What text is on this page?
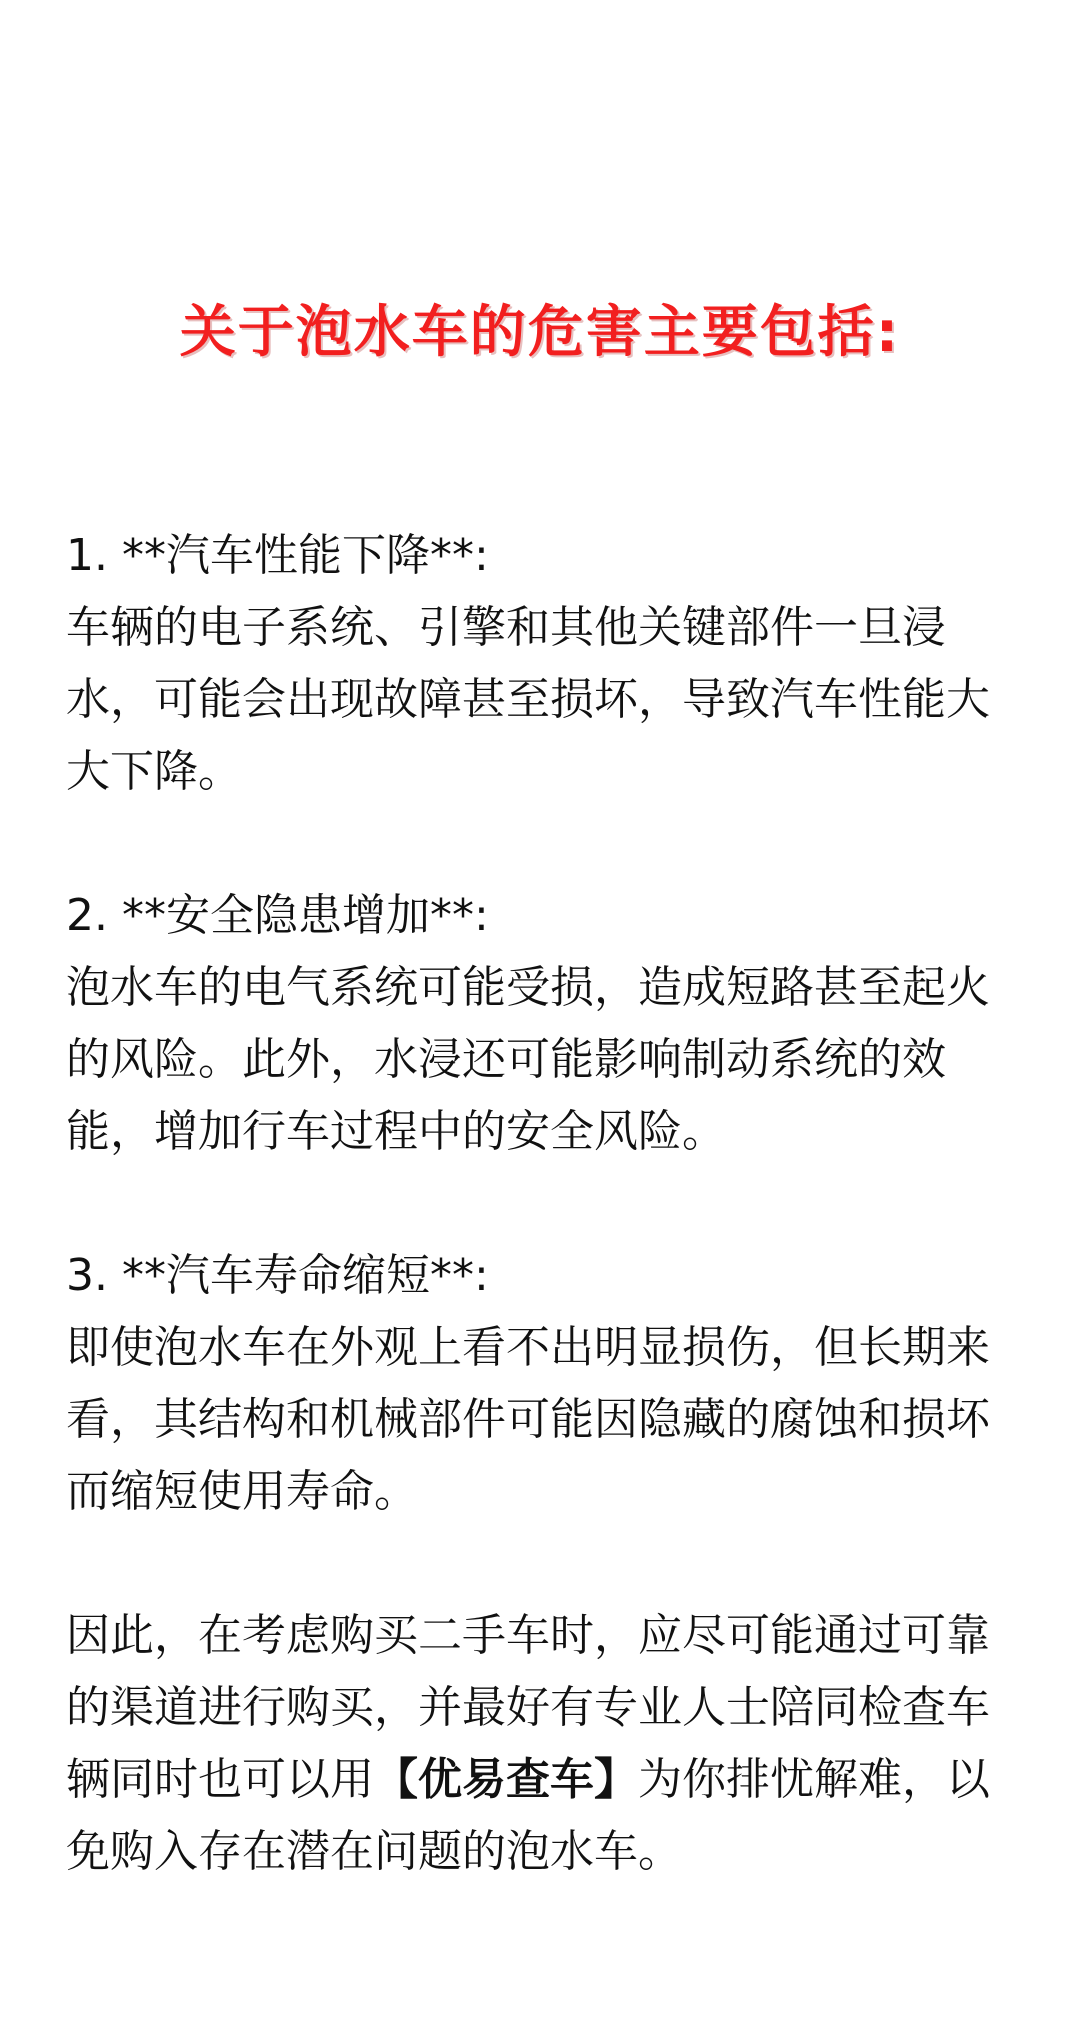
关于泡水车的危害主要包括:

1. **汽车性能下降**:

车辆的电子系统、引擎和其他关键部件一旦浸水，可能会出现故障甚至损坏，导致汽车性能大大下降。

2. **安全隐患增加**:

泡水车的电气系统可能受损，造成短路甚至起火的风险。此外，水浸还可能影响制动系统的效能，增加行车过程中的安全风险。

3. **汽车寿命缩短**:

即使泡水车在外观上看不出明显损伤，但长期来看，其结构和机械部件可能因隐藏的腐蚀和损坏而缩短使用寿命。

因此，在考虑购买二手车时，应尽可能通过可靠的渠道进行购买，并最好有专业人士陪同检查车辆同时也可以用【优易查车】为你排忧解难，以免购入存在潜在问题的泡水车。
